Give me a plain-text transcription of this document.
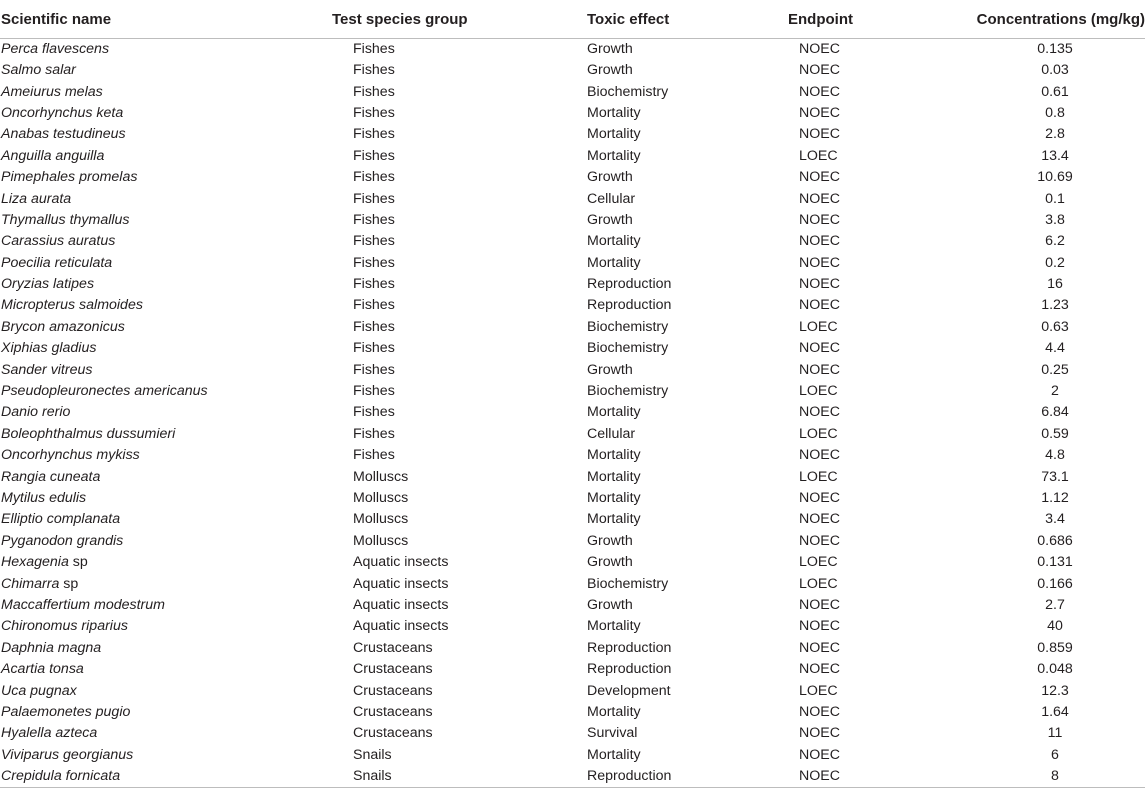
Scientific name	Test species group	Toxic effect	Endpoint	Concentrations (mg/kg)
Perca flavescens	Fishes	Growth	NOEC	0.135
Salmo salar	Fishes	Growth	NOEC	0.03
Ameiurus melas	Fishes	Biochemistry	NOEC	0.61
Oncorhynchus keta	Fishes	Mortality	NOEC	0.8
Anabas testudineus	Fishes	Mortality	NOEC	2.8
Anguilla anguilla	Fishes	Mortality	LOEC	13.4
Pimephales promelas	Fishes	Growth	NOEC	10.69
Liza aurata	Fishes	Cellular	NOEC	0.1
Thymallus thymallus	Fishes	Growth	NOEC	3.8
Carassius auratus	Fishes	Mortality	NOEC	6.2
Poecilia reticulata	Fishes	Mortality	NOEC	0.2
Oryzias latipes	Fishes	Reproduction	NOEC	16
Micropterus salmoides	Fishes	Reproduction	NOEC	1.23
Brycon amazonicus	Fishes	Biochemistry	LOEC	0.63
Xiphias gladius	Fishes	Biochemistry	NOEC	4.4
Sander vitreus	Fishes	Growth	NOEC	0.25
Pseudopleuronectes americanus	Fishes	Biochemistry	LOEC	2
Danio rerio	Fishes	Mortality	NOEC	6.84
Boleophthalmus dussumieri	Fishes	Cellular	LOEC	0.59
Oncorhynchus mykiss	Fishes	Mortality	NOEC	4.8
Rangia cuneata	Molluscs	Mortality	LOEC	73.1
Mytilus edulis	Molluscs	Mortality	NOEC	1.12
Elliptio complanata	Molluscs	Mortality	NOEC	3.4
Pyganodon grandis	Molluscs	Growth	NOEC	0.686
Hexagenia sp	Aquatic insects	Growth	LOEC	0.131
Chimarra sp	Aquatic insects	Biochemistry	LOEC	0.166
Maccaffertium modestrum	Aquatic insects	Growth	NOEC	2.7
Chironomus riparius	Aquatic insects	Mortality	NOEC	40
Daphnia magna	Crustaceans	Reproduction	NOEC	0.859
Acartia tonsa	Crustaceans	Reproduction	NOEC	0.048
Uca pugnax	Crustaceans	Development	LOEC	12.3
Palaemonetes pugio	Crustaceans	Mortality	NOEC	1.64
Hyalella azteca	Crustaceans	Survival	NOEC	11
Viviparus georgianus	Snails	Mortality	NOEC	6
Crepidula fornicata	Snails	Reproduction	NOEC	8
